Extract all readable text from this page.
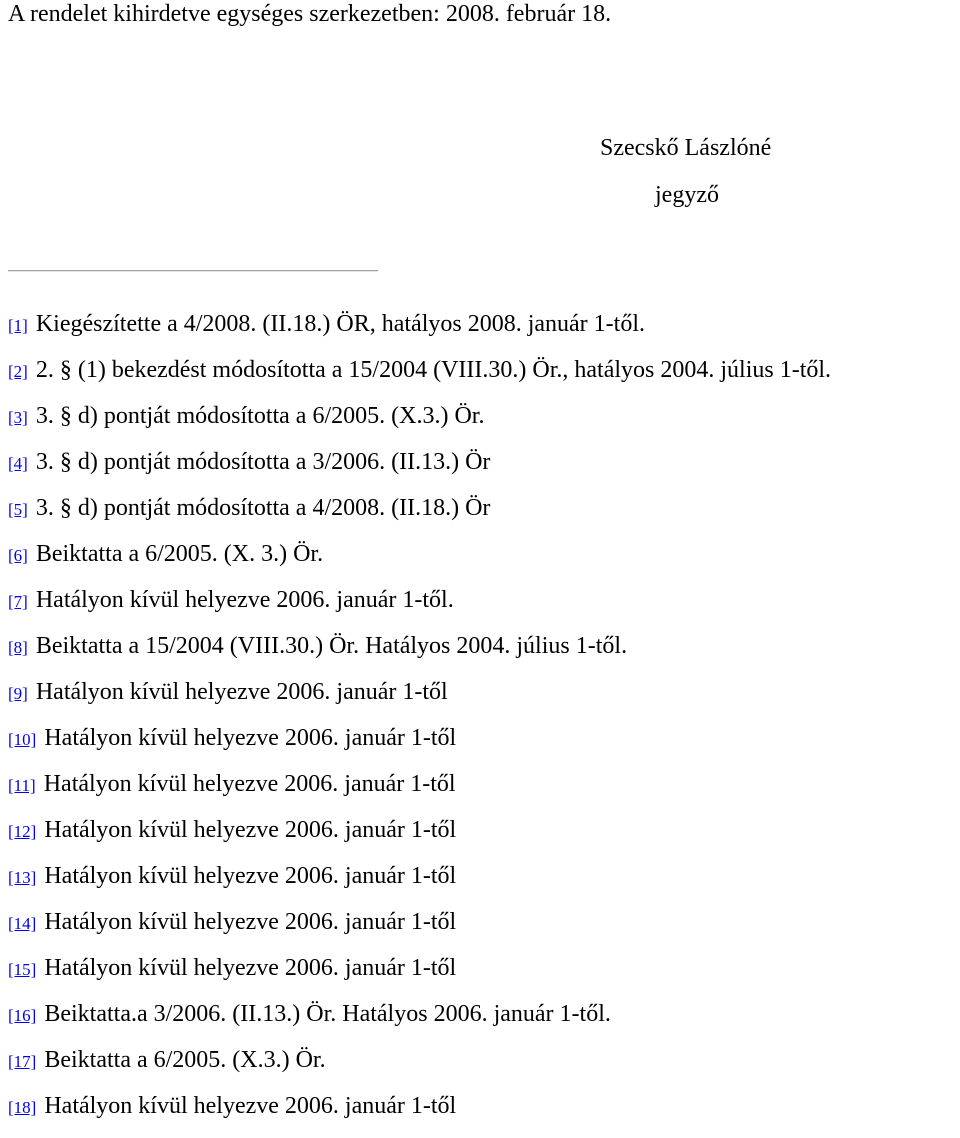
A rendelet kihirdetve egységes szerkezetben: 2008. február 18.
Szecskő Lászlóné
jegyző
[1] Kiegészítette a 4/2008. (II.18.) ÖR, hatályos 2008. január 1-től.
[2] 2. § (1) bekezdést módosította a 15/2004 (VIII.30.) Ör., hatályos 2004. július 1-től.
[3] 3. § d) pontját módosította a 6/2005. (X.3.) Ör.
[4] 3. § d) pontját módosította a 3/2006. (II.13.) Ör
[5] 3. § d) pontját módosította a 4/2008. (II.18.) Ör
[6] Beiktatta a 6/2005. (X. 3.) Ör.
[7] Hatályon kívül helyezve 2006. január 1-től.
[8] Beiktatta a 15/2004 (VIII.30.) Ör. Hatályos 2004. július 1-től.
[9] Hatályon kívül helyezve 2006. január 1-től
[10] Hatályon kívül helyezve 2006. január 1-től
[11] Hatályon kívül helyezve 2006. január 1-től
[12] Hatályon kívül helyezve 2006. január 1-től
[13] Hatályon kívül helyezve 2006. január 1-től
[14] Hatályon kívül helyezve 2006. január 1-től
[15] Hatályon kívül helyezve 2006. január 1-től
[16] Beiktatta.a 3/2006. (II.13.) Ör. Hatályos 2006. január 1-től.
[17] Beiktatta a 6/2005. (X.3.) Ör.
[18] Hatályon kívül helyezve 2006. január 1-től
